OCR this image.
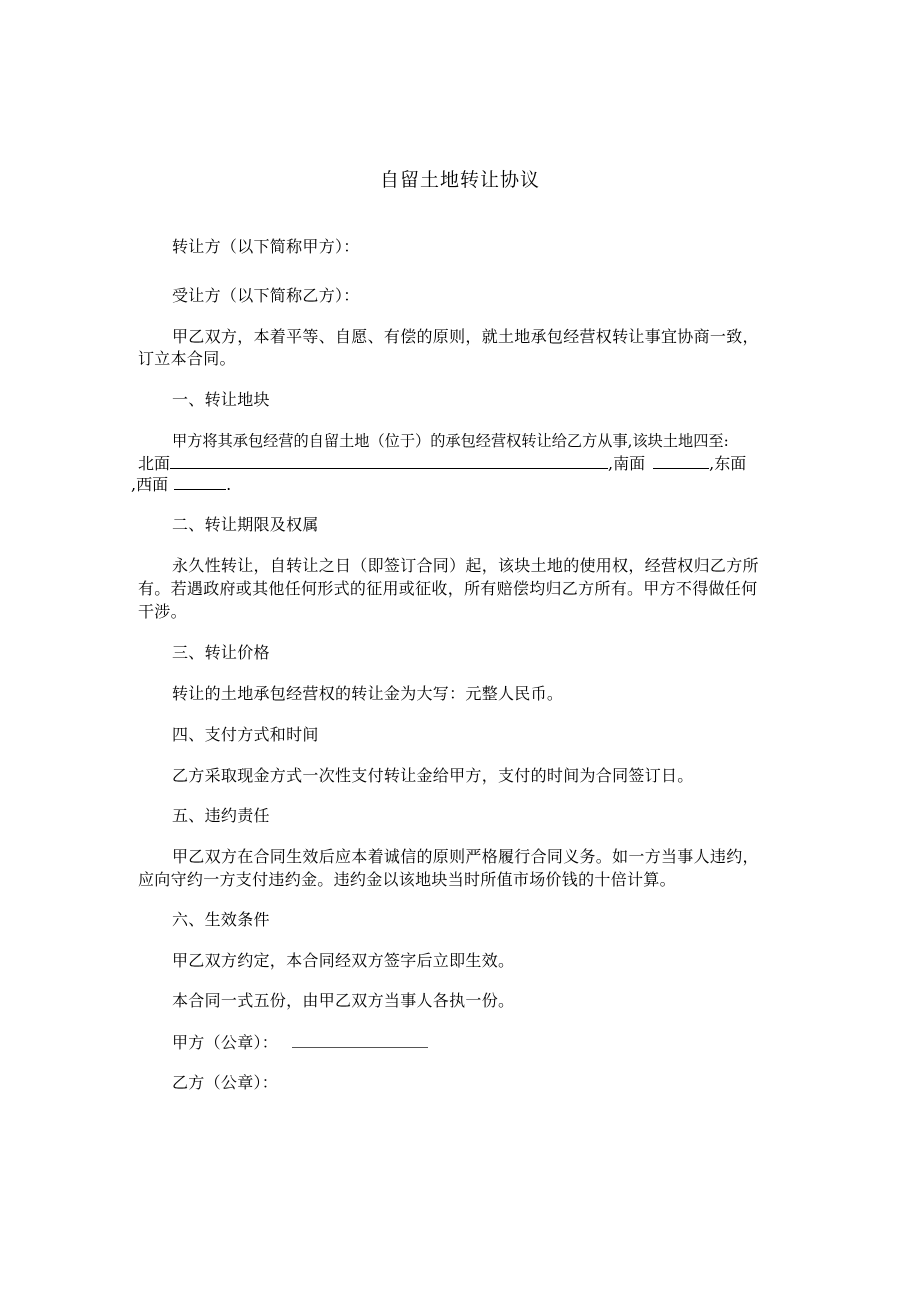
自留土地转让协议
转让方（以下简称甲方）：
受让方（以下简称乙方）：
甲乙双方，本着平等、自愿、有偿的原则，就土地承包经营权转让事宜协商一致，
订立本合同。
一、转让地块
甲方将其承包经营的自留土地（位于）的承包经营权转让给乙方从事,该块土地四至:
北面	,南面	,东面
,西面	.
二、转让期限及权属
永久性转让，自转让之日（即签订合同）起，该块土地的使用权，经营权归乙方所
有。若遇政府或其他任何形式的征用或征收，所有赔偿均归乙方所有。甲方不得做任何
干涉。
三、转让价格
转让的土地承包经营权的转让金为大写：元整人民币。
四、支付方式和时间
乙方采取现金方式一次性支付转让金给甲方，支付的时间为合同签订日。
五、违约责任
甲乙双方在合同生效后应本着诚信的原则严格履行合同义务。如一方当事人违约，
应向守约一方支付违约金。违约金以该地块当时所值市场价钱的十倍计算。
六、生效条件
甲乙双方约定，本合同经双方签字后立即生效。
本合同一式五份，由甲乙双方当事人各执一份。
甲方（公章）：
乙方（公章）：
